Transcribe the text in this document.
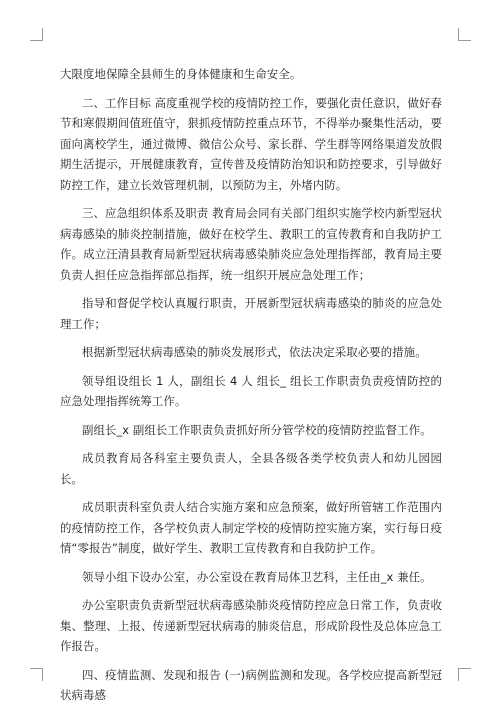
大限度地保障全县师生的身体健康和生命安全。

二、工作目标 高度重视学校的疫情防控工作，要强化责任意识，做好春节和寒假期间值班值守，狠抓疫情防控重点环节，不得举办聚集性活动，要面向离校学生，通过微博、微信公众号、家长群、学生群等网络渠道发放假期生活提示，开展健康教育，宣传普及疫情防治知识和防控要求，引导做好防控工作，建立长效管理机制，以预防为主，外堵内防。

三、应急组织体系及职责 教育局会同有关部门组织实施学校内新型冠状病毒感染的肺炎控制措施，做好在校学生、教职工的宣传教育和自我防护工作。成立汪清县教育局新型冠状病毒感染肺炎应急处理指挥部，教育局主要负责人担任应急指挥部总指挥，统一组织开展应急处理工作；

指导和督促学校认真履行职责，开展新型冠状病毒感染的肺炎的应急处理工作；

根据新型冠状病毒感染的肺炎发展形式，依法决定采取必要的措施。

领导组设组长 1 人，副组长 4 人 组长_ 组长工作职责负责疫情防控的应急处理指挥统筹工作。

副组长_x 副组长工作职责负责抓好所分管学校的疫情防控监督工作。

成员教育局各科室主要负责人，全县各级各类学校负责人和幼儿园园长。

成员职责科室负责人结合实施方案和应急预案，做好所管辖工作范围内的疫情防控工作，各学校负责人制定学校的疫情防控实施方案，实行每日疫情“零报告”制度，做好学生、教职工宣传教育和自我防护工作。

领导小组下设办公室，办公室设在教育局体卫艺科，主任由_x 兼任。

办公室职责负责新型冠状病毒感染肺炎疫情防控应急日常工作，负责收集、整理、上报、传递新型冠状病毒的肺炎信息，形成阶段性及总体应急工作报告。

四、疫情监测、发现和报告 (一)病例监测和发现。各学校应提高新型冠状病毒感
